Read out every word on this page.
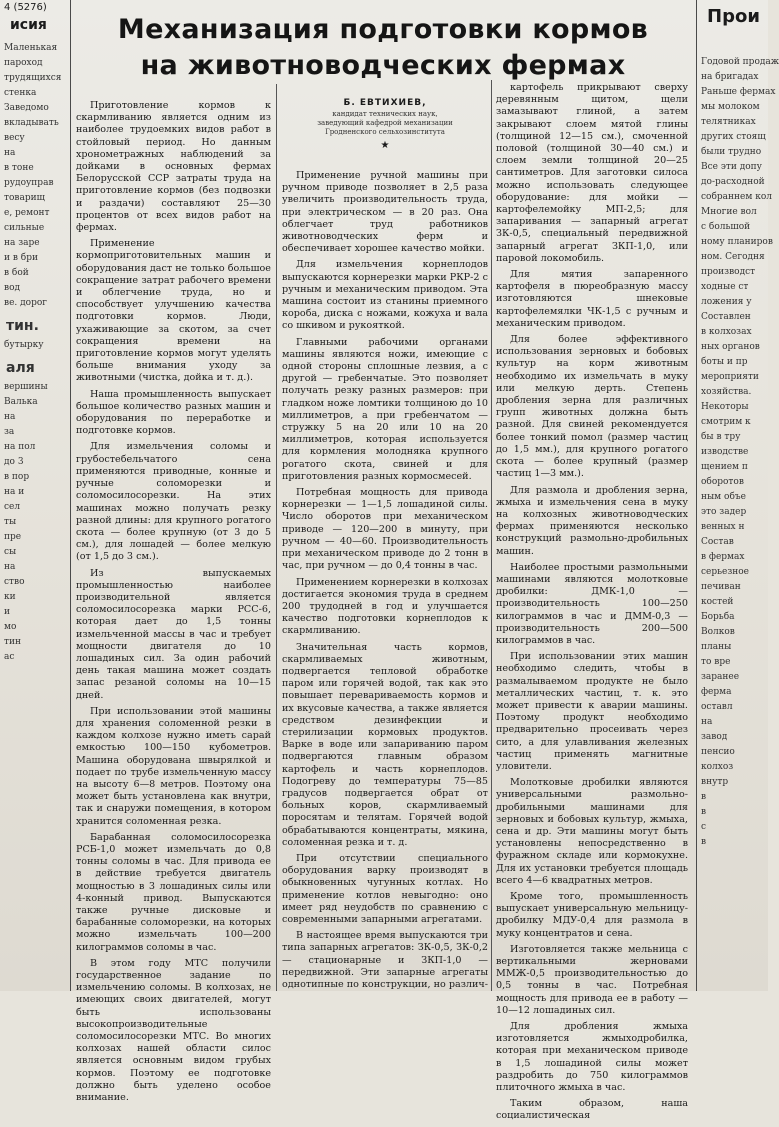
4 (5276)
исия
Маленькая
пароход
трудящихся
стенка
Заведомо
вкладывать
весу
на
в тоне
рудоуправ
товарищ
е, ремонт
сильные
на заре
и в бри
в бой
вод
ве. дорог
тин.
бутырку
аля
вершины
Валька
на
за
на пол
до 3
в пор
на и
сел
ты
пре
сы
на
ство
ки
и
мо
тин
ас
Механизация подготовки кормов
на животноводческих фермах
Б. ЕВТИХИЕВ,
кандидат технических наук,
заведующий кафедрой механизации
Гродненского сельхозинститута
★

Приготовление кормов к скармливанию является одним из наиболее трудоемких видов работ в стойловый период. Но данным хронометражных наблюдений за дойками в основных фермах Белорусской ССР затраты труда на приготовление кормов (без подвозки и раздачи) составляют 25—30 процентов от всех видов работ на фермах.

Применение кормоприготовительных машин и оборудования даст не только большое сокращение затрат рабочего времени и облегчение труда, но и способствует улучшению качества подготовки кормов. Люди, ухаживающие за скотом, за счет сокращения времени на приготовление кормов могут уделять больше внимания уходу за животными (чистка, дойка и т. д.).

Наша промышленность выпускает большое количество разных машин и оборудования по переработке и подготовке кормов.

Для измельчения соломы и грубостебельчатого сена применяются приводные, конные и ручные соломорезки и соломосилосорезки. На этих машинах можно получать резку разной длины: для крупного рогатого скота — более крупную (от 3 до 5 см.), для лошадей — более мелкую (от 1,5 до 3 см.).

Из выпускаемых промышленностью наиболее производительной является соломосилосорезка марки РСС-6, которая дает до 1,5 тонны измельченной массы в час и требует мощности двигателя до 10 лошадиных сил. За один рабочий день такая машина может создать запас резаной соломы на 10—15 дней.

При использовании этой машины для хранения соломенной резки в каждом колхозе нужно иметь сарай емкостью 100—150 кубометров. Машина оборудована швырялкой и подает по трубе измельченную массу на высоту 6—8 метров. Поэтому она может быть установлена как внутри, так и снаружи помещения, в котором хранится соломенная резка.

Барабанная соломосилосорезка РСБ-1,0 может измельчать до 0,8 тонны соломы в час. Для привода ее в действие требуется двигатель мощностью в 3 лошадиных силы или 4-конный привод. Выпускаются также ручные дисковые и барабанные соломорезки, на которых можно измельчать 100—200 килограммов соломы в час.

В этом году МТС получили государственное задание по измельчению соломы. В колхозах, не имеющих своих двигателей, могут быть использованы высокопроизводительные соломосилосорезки МТС. Во многих колхозах нашей области силос является основным видом грубых кормов. Поэтому ее подготовке должно быть уделено особое внимание.

Применение ручной машины при ручном приводе позволяет в 2,5 раза увеличить производительность труда, при электрическом — в 20 раз. Она облегчает труд работников животноводческих ферм и обеспечивает хорошее качество мойки.

Для измельчения корнеплодов выпускаются корнерезки марки РКР-2 с ручным и механическим приводом. Эта машина состоит из станины приемного короба, диска с ножами, кожуха и вала со шкивом и рукояткой.

Главными рабочими органами машины являются ножи, имеющие с одной стороны сплошные лезвия, а с другой — гребенчатые. Это позволяет получать резку разных размеров: при гладком ноже ломтики толщиною до 10 миллиметров, а при гребенчатом — стружку 5 на 20 или 10 на 20 миллиметров, которая используется для кормления молодняка крупного рогатого скота, свиней и для приготовления разных кормосмесей.

Потребная мощность для привода корнерезки — 1—1,5 лошадиной силы. Число оборотов при механическом приводе — 120—200 в минуту, при ручном — 40—60. Производительность при механическом приводе до 2 тонн в час, при ручном — до 0,4 тонны в час.

Применением корнерезки в колхозах достигается экономия труда в среднем 200 трудодней в год и улучшается качество подготовки корнеплодов к скармливанию.

Значительная часть кормов, скармливаемых животным, подвергается тепловой обработке паром или горячей водой, так как это повышает перевариваемость кормов и их вкусовые качества, а также является средством дезинфекции и стерилизации кормовых продуктов. Варке в воде или запариванию паром подвергаются главным образом картофель и часть корнеплодов. Подогреву до температуры 75—85 градусов подвергается обрат от больных коров, скармливаемый поросятам и телятам. Горячей водой обрабатываются концентраты, мякина, соломенная резка и т. д.

При отсутствии специального оборудования варку производят в обыкновенных чугунных котлах. Но применение котлов невыгодно: оно имеет ряд неудобств по сравнению с современными запарными агрегатами.

В настоящее время выпускаются три типа запарных агрегатов: ЗК-0,5, ЗК-0,2 — стационарные и ЗКП-1,0 — передвижной. Эти запарные агрегаты однотипные по конструкции, но различ-

картофель прикрывают сверху деревянным щитом, щели замазывают глиной, а затем закрывают слоем мятой глины (толщиной 12—15 см.), смоченной половой (толщиной 30—40 см.) и слоем земли толщиной 20—25 сантиметров. Для заготовки силоса можно использовать следующее оборудование: для мойки — картофелемойку МП-2,5; для запаривания — запарный агрегат ЗК-0,5, специальный передвижной запарный агрегат ЗКП-1,0, или паровой локомобиль.

Для мятия запаренного картофеля в пюреобразную массу изготовляются шнековые картофелемялки ЧК-1,5 с ручным и механическим приводом.

Для более эффективного использования зерновых и бобовых культур на корм животным необходимо их измельчать в муку или мелкую дерть. Степень дробления зерна для различных групп животных должна быть разной. Для свиней рекомендуется более тонкий помол (размер частиц до 1,5 мм.), для крупного рогатого скота — более крупный (размер частиц 1—3 мм.).

Для размола и дробления зерна, жмыха и измельчения сена в муку на колхозных животноводческих фермах применяются несколько конструкций размольно-дробильных машин.

Наиболее простыми размольными машинами являются молотковые дробилки: ДМК-1,0 — производительность 100—250 килограммов в час и ДММ-0,3 — производительность 200—500 килограммов в час.

При использовании этих машин необходимо следить, чтобы в размалываемом продукте не было металлических частиц, т. к. это может привести к аварии машины. Поэтому продукт необходимо предварительно просеивать через сито, а для улавливания железных частиц применять магнитные уловители.

Молотковые дробилки являются универсальными размольно-дробильными машинами для зерновых и бобовых культур, жмыха, сена и др. Эти машины могут быть установлены непосредственно в фуражном складе или кормокухне. Для их установки требуется площадь всего 4—6 квадратных метров.

Кроме того, промышленность выпускает универсальную мельницу-дробилку МДУ-0,4 для размола в муку концентратов и сена.

Изготовляется также мельница с вертикальными жерновами ММЖ-0,5 производительностью до 0,5 тонны в час. Потребная мощность для привода ее в работу — 10—12 лошадиных сил.

Для дробления жмыха изготовляется жмыходробилка, которая при механическом приводе в 1,5 лошадиной силы может раздробить до 750 килограммов плиточного жмыха в час.

Таким образом, наша социалистическая

Прои
Годовой продаж
на бригадах
Раньше фермах
мы молоком
телятниках
других стоящ
были трудно
Все эти допу
до-расходной
собраннем кол
Многие вол
с большой
ному планиров
ном. Сегодня
производст
ходные ст
ложения у
Составлен
в колхозах
ных органов
боты и пр
мероприяти
хозяйства.
Некоторы
смотрим к
бы в тру
изводстве
щением п
оборотов
ным объе
это задер
венных н
Состав
в фермах
серьезное
печиван
костей
Борьба
Волков
планы
то вре
заранее
ферма
оставл
на
завод
пенсио
колхоз
внутр
в
в
с
в
